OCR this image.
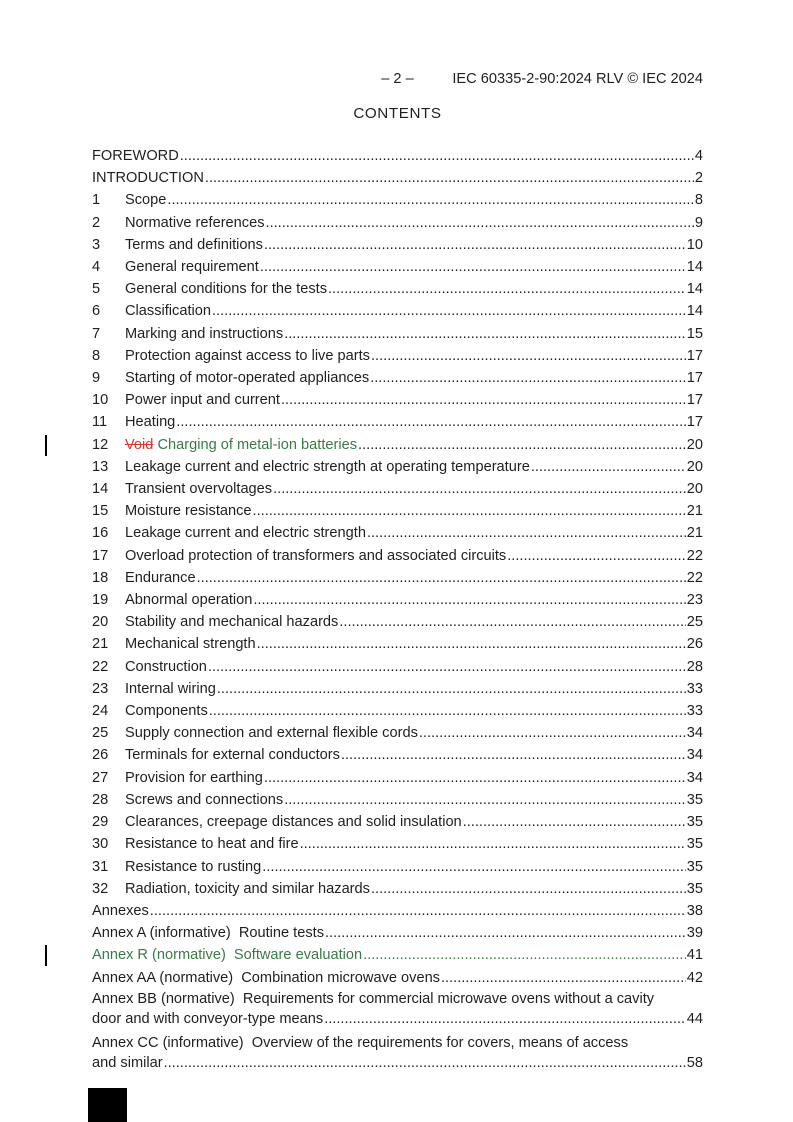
– 2 –	IEC 60335-2-90:2024 RLV © IEC 2024
CONTENTS
FOREWORD .....	4
INTRODUCTION .....	2
1	Scope .....	8
2	Normative references .....	9
3	Terms and definitions .....	10
4	General requirement .....	14
5	General conditions for the tests .....	14
6	Classification .....	14
7	Marking and instructions .....	15
8	Protection against access to live parts .....	17
9	Starting of motor-operated appliances .....	17
10	Power input and current .....	17
11	Heating .....	17
12	Void Charging of metal-ion batteries .....	20
13	Leakage current and electric strength at operating temperature .....	20
14	Transient overvoltages .....	20
15	Moisture resistance .....	21
16	Leakage current and electric strength .....	21
17	Overload protection of transformers and associated circuits .....	22
18	Endurance .....	22
19	Abnormal operation .....	23
20	Stability and mechanical hazards .....	25
21	Mechanical strength .....	26
22	Construction .....	28
23	Internal wiring .....	33
24	Components .....	33
25	Supply connection and external flexible cords .....	34
26	Terminals for external conductors .....	34
27	Provision for earthing .....	34
28	Screws and connections .....	35
29	Clearances, creepage distances and solid insulation .....	35
30	Resistance to heat and fire .....	35
31	Resistance to rusting .....	35
32	Radiation, toxicity and similar hazards .....	35
Annexes .....	38
Annex A (informative)  Routine tests .....	39
Annex R (normative)  Software evaluation .....	41
Annex AA (normative)  Combination microwave ovens .....	42
Annex BB (normative)  Requirements for commercial microwave ovens without a cavity
door and with conveyor-type means .....	44
Annex CC (informative)  Overview of the requirements for covers, means of access
and similar .....	58
